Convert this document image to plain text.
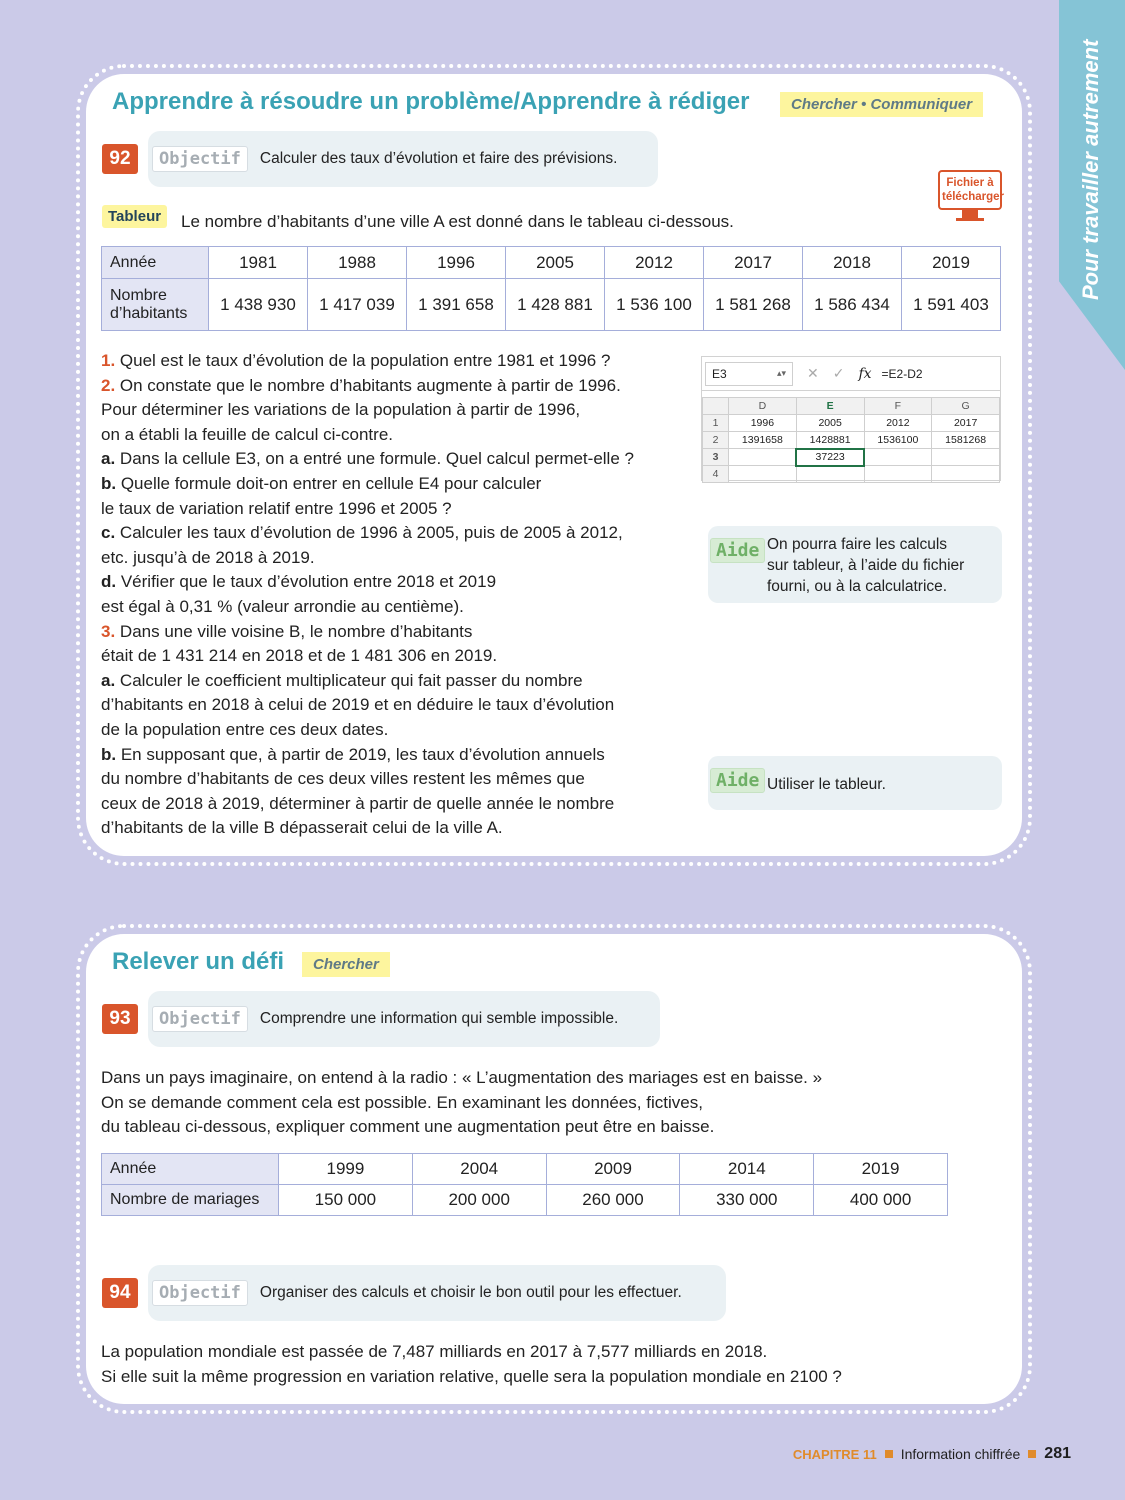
Pour travailler autrement
Apprendre à résoudre un problème/Apprendre à rédiger	Chercher • Communiquer
92	Objectif	Calculer des taux d’évolution et faire des prévisions.
Fichier à
télécharger
Tableur	Le nombre d’habitants d’une ville A est donné dans le tableau ci-dessous.
Année	1981	1988	1996	2005	2012	2017	2018	2019

Nombre
d’habitants	1 438 930	1 417 039	1 391 658	1 428 881	1 536 100	1 581 268	1 586 434	1 591 403
1. Quel est le taux d’évolution de la population entre 1981 et 1996 ?
2. On constate que le nombre d’habitants augmente à partir de 1996.
Pour déterminer les variations de la population à partir de 1996,
on a établi la feuille de calcul ci-contre.
a. Dans la cellule E3, on a entré une formule. Quel calcul permet-elle ?
b. Quelle formule doit-on entrer en cellule E4 pour calculer
le taux de variation relatif entre 1996 et 2005 ?
c. Calculer les taux d’évolution de 1996 à 2005, puis de 2005 à 2012,
etc. jusqu’à de 2018 à 2019.
d. Vérifier que le taux d’évolution entre 2018 et 2019
est égal à 0,31 % (valeur arrondie au centième).
3. Dans une ville voisine B, le nombre d’habitants
était de 1 431 214 en 2018 et de 1 481 306 en 2019.
a. Calculer le coefficient multiplicateur qui fait passer du nombre
d’habitants en 2018 à celui de 2019 et en déduire le taux d’évolution
de la population entre ces deux dates.
b. En supposant que, à partir de 2019, les taux d’évolution annuels
du nombre d’habitants de ces deux villes restent les mêmes que
ceux de 2018 à 2019, déterminer à partir de quelle année le nombre
d’habitants de la ville B dépasserait celui de la ville A.
E3	▴▾ ✕ ✓ fx =E2-D2
	D	E	F	G
1	1996	2005	2012	2017
2	1391658	1428881	1536100	1581268
3		37223		
4				
Aide On pourra faire les calculs
sur tableur, à l’aide du fichier
fourni, ou à la calculatrice.
Aide Utiliser le tableur.
Relever un défi	Chercher
93	Objectif	Comprendre une information qui semble impossible.
Dans un pays imaginaire, on entend à la radio : « L’augmentation des mariages est en baisse. »
On se demande comment cela est possible. En examinant les données, fictives,
du tableau ci-dessous, expliquer comment une augmentation peut être en baisse.
Année	1999	2004	2009	2014	2019
Nombre de mariages	150 000	200 000	260 000	330 000	400 000
94	Objectif	Organiser des calculs et choisir le bon outil pour les effectuer.
La population mondiale est passée de 7,487 milliards en 2017 à 7,577 milliards en 2018.
Si elle suit la même progression en variation relative, quelle sera la population mondiale en 2100 ?
CHAPITRE 11 Information chiffrée 281
